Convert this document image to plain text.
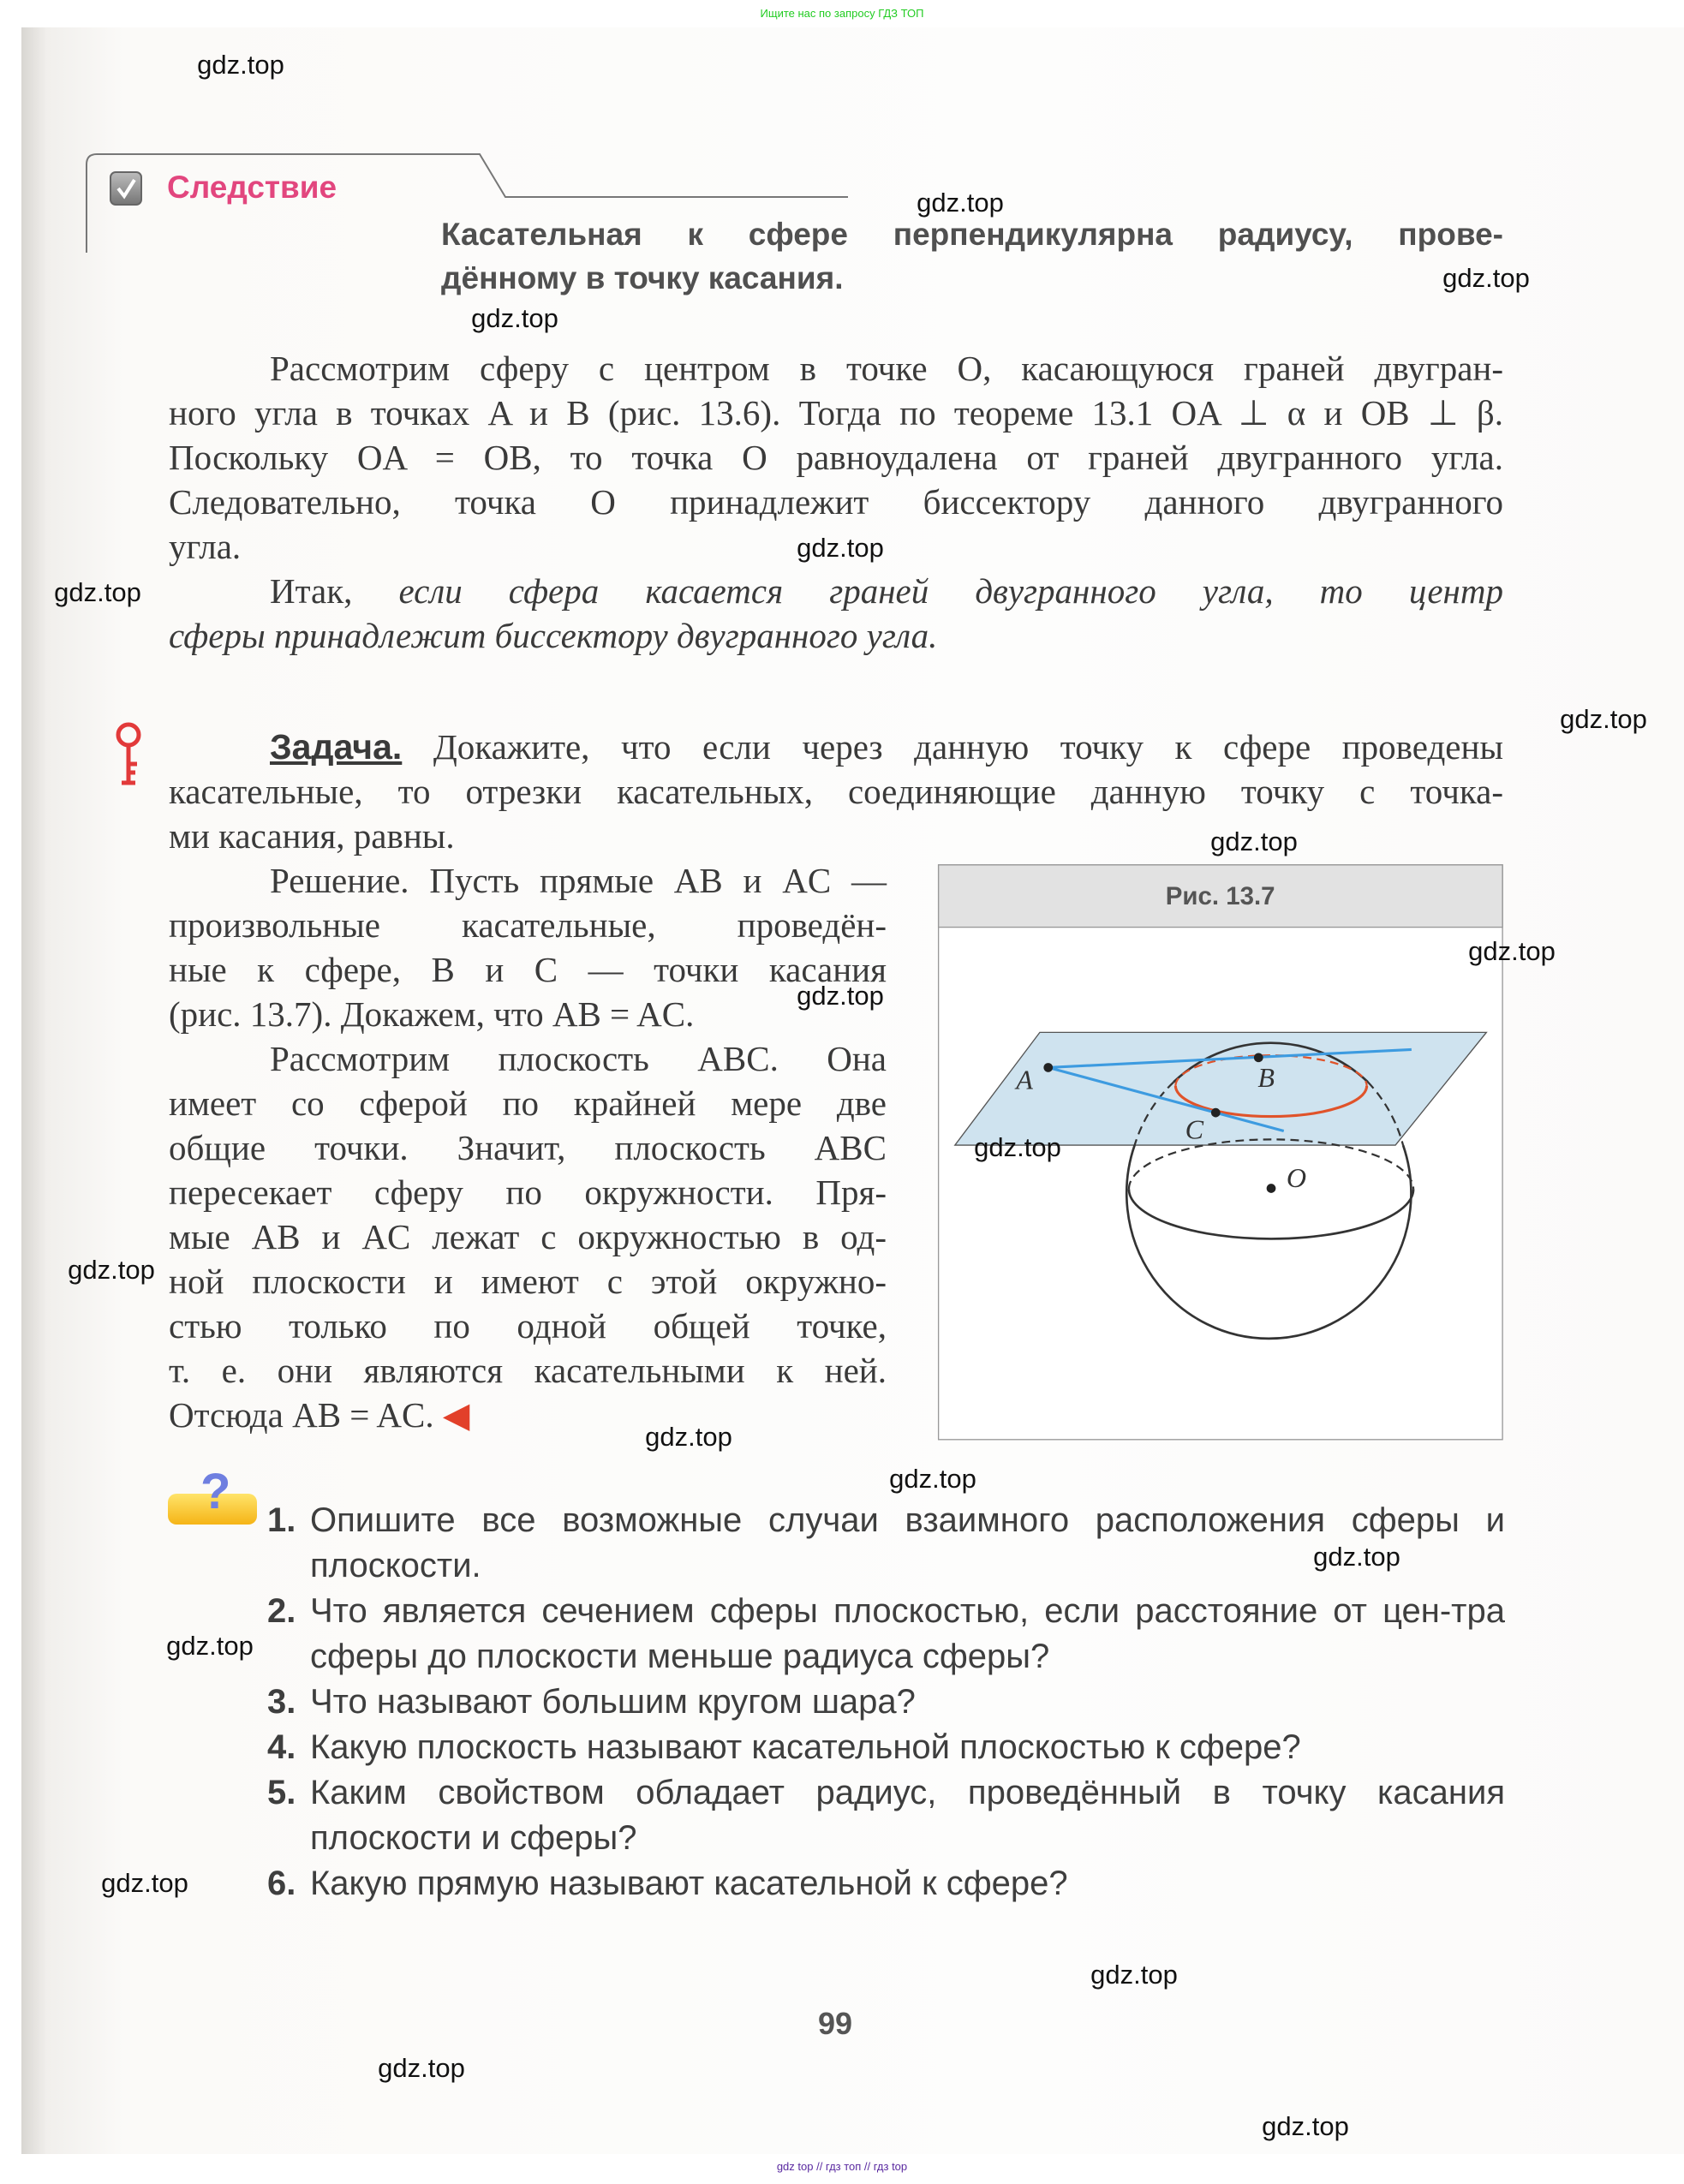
Ищите нас по запросу ГДЗ ТОП
Следствие
Касательная к сфере перпендикулярна радиусу, прове-
дённому в точку касания.
Рассмотрим сферу с центром в точке O, касающуюся граней двугран-
ного угла в точках A и B (рис. 13.6). Тогда по теореме 13.1 OA ⊥ α и OB ⊥ β.
Поскольку OA = OB, то точка O равноудалена от граней двугранного угла.
Следовательно, точка O принадлежит биссектору данного двугранного
угла.
Итак, если сфера касается граней двугранного угла, то центр
сферы принадлежит биссектору двугранного угла.
Задача. Докажите, что если через данную точку к сфере проведены
касательные, то отрезки касательных, соединяющие данную точку с точка-
ми касания, равны.
Решение. Пусть прямые AB и AC —
произвольные касательные, проведён-
ные к сфере, B и C — точки касания
(рис. 13.7). Докажем, что AB = AC.
Рассмотрим плоскость ABC. Она
имеет со сферой по крайней мере две
общие точки. Значит, плоскость ABC
пересекает сферу по окружности. Пря-
мые AB и AC лежат с окружностью в од-
ной плоскости и имеют с этой окружно-
стью только по одной общей точке,
т. е. они являются касательными к ней.
Отсюда AB = AC. ◀
Рис. 13.7
A	B
C
O
?
1. Опишите все возможные случаи взаимного расположения сферы и плоскости.
2. Что является сечением сферы плоскостью, если расстояние от цен-тра сферы до плоскости меньше радиуса сферы?
3. Что называют большим кругом шара?
4. Какую плоскость называют касательной плоскостью к сфере?
5. Каким свойством обладает радиус, проведённый в точку касания плоскости и сферы?
6. Какую прямую называют касательной к сфере?
99
gdz.top
gdz.top
gdz.top
gdz.top
gdz.top
gdz.top
gdz.top
gdz.top
gdz.top
gdz.top
gdz.top
gdz.top
gdz.top
gdz.top
gdz.top
gdz.top
gdz.top
gdz.top
gdz.top
gdz.top
gdz top // гдз топ // гдз top
